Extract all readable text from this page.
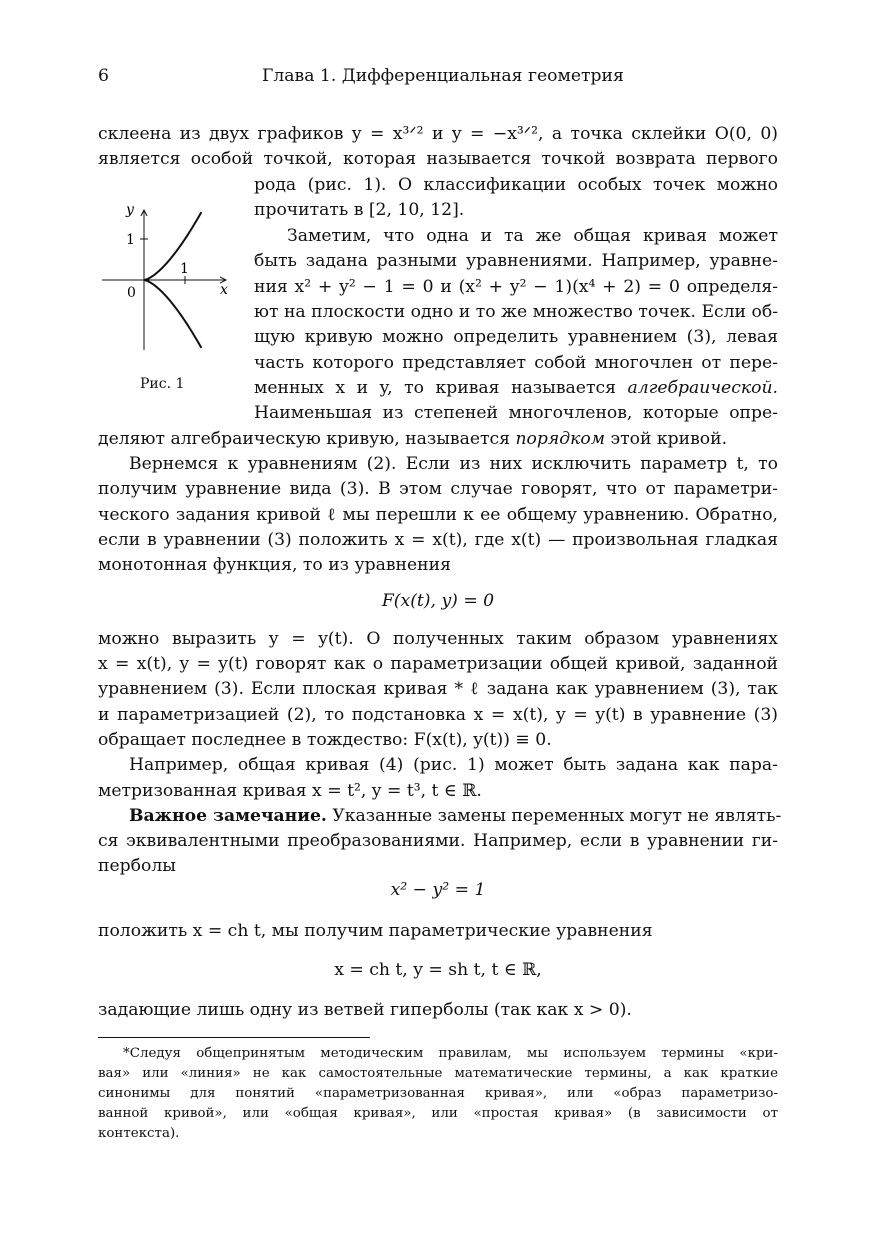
6	Глава 1. Дифференциальная геометрия
склеена из двух графиков y = x³ᐟ² и y = −x³ᐟ², а точка склейки O(0, 0)
является особой точкой, которая называется точкой возврата первого
рода (рис. 1). О классификации особых точек можно
прочитать в [2, 10, 12].
Заметим, что одна и та же общая кривая может
быть задана разными уравнениями. Например, уравне-
ния x² + y² − 1 = 0 и (x² + y² − 1)(x⁴ + 2) = 0 определя-
ют на плоскости одно и то же множество точек. Если об-
щую кривую можно определить уравнением (3), левая
часть которого представляет собой многочлен от пере-
менных x и y, то кривая называется алгебраической.
Наименьшая из степеней многочленов, которые опре-
деляют алгебраическую кривую, называется порядком этой кривой.
Вернемся к уравнениям (2). Если из них исключить параметр t, то
получим уравнение вида (3). В этом случае говорят, что от параметри-
ческого задания кривой ℓ мы перешли к ее общему уравнению. Обратно,
если в уравнении (3) положить x = x(t), где x(t) — произвольная гладкая
монотонная функция, то из уравнения
F(x(t), y) = 0
можно выразить y = y(t). О полученных таким образом уравнениях
x = x(t), y = y(t) говорят как о параметризации общей кривой, заданной
уравнением (3). Если плоская кривая * ℓ задана как уравнением (3), так
и параметризацией (2), то подстановка x = x(t), y = y(t) в уравнение (3)
обращает последнее в тождество: F(x(t), y(t)) ≡ 0.
Например, общая кривая (4) (рис. 1) может быть задана как пара-
метризованная кривая x = t², y = t³, t ∈ ℝ.
Важное замечание. Указанные замены переменных могут не являть-
ся эквивалентными преобразованиями. Например, если в уравнении ги-
перболы
x² − y² = 1
положить x = ch t, мы получим параметрические уравнения
x = ch t, y = sh t, t ∈ ℝ,
задающие лишь одну из ветвей гиперболы (так как x > 0).
*Следуя общепринятым методическим правилам, мы используем термины «кри-
вая» или «линия» не как самостоятельные математические термины, а как краткие
синонимы для понятий «параметризованная кривая», или «образ параметризо-
ванной кривой», или «общая кривая», или «простая кривая» (в зависимости от
контекста).
y
x
1
1
0
Рис. 1
